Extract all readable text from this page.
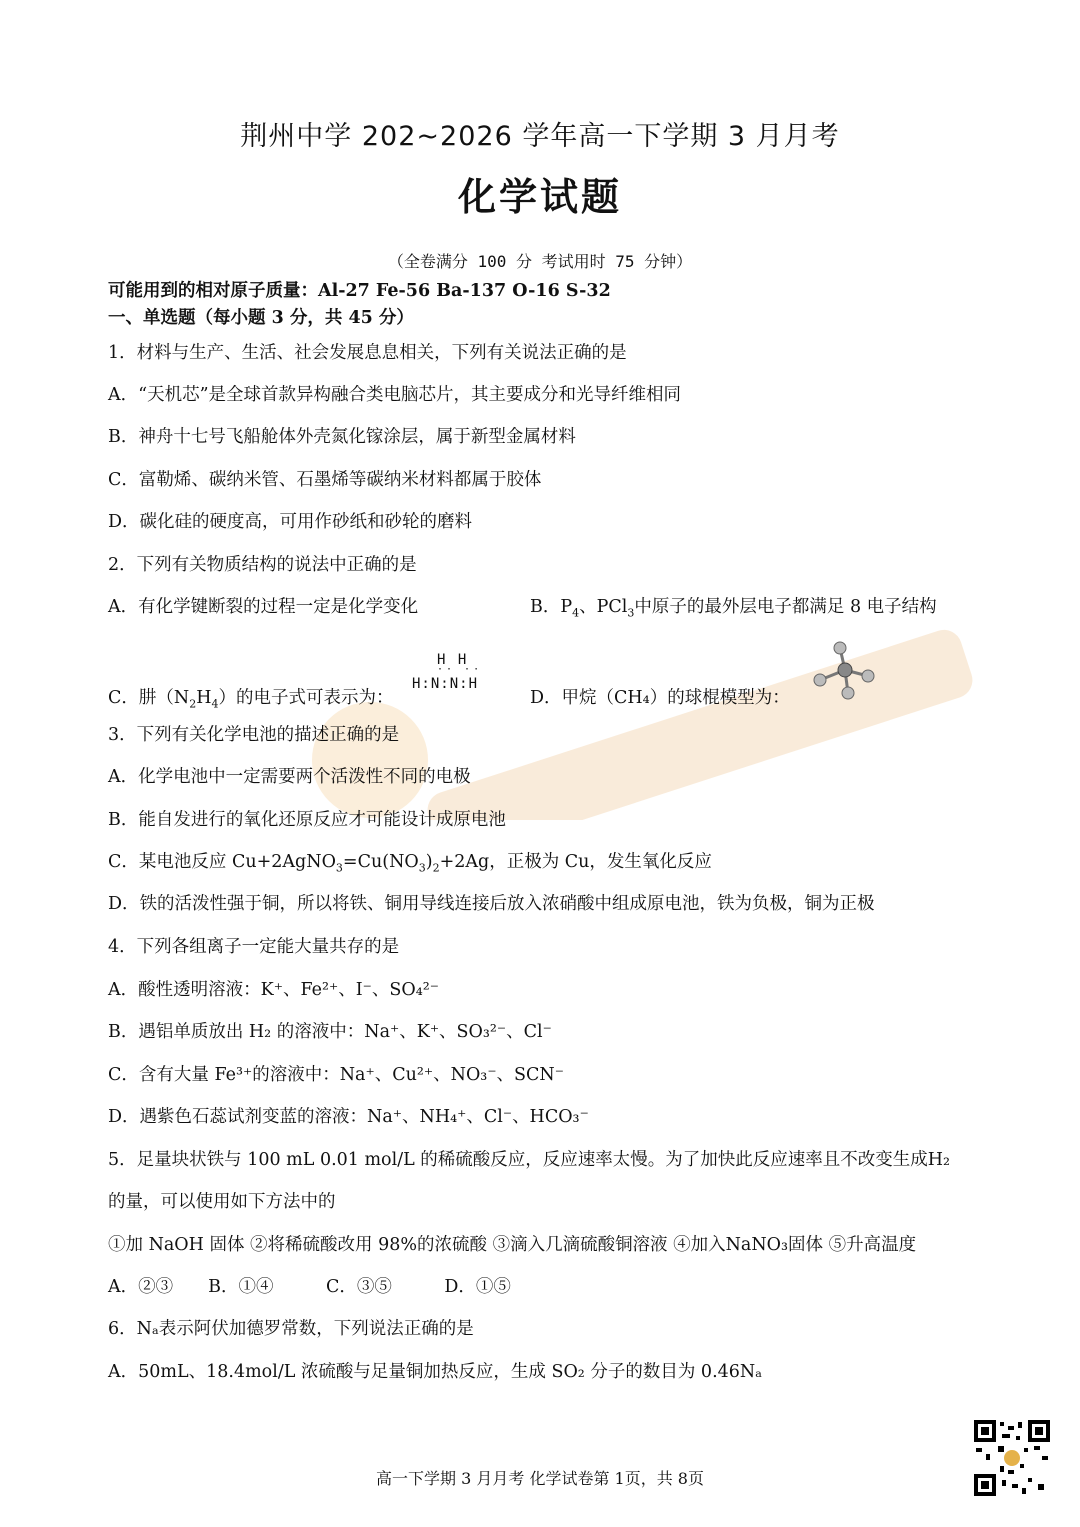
荆州中学 202~2026 学年高一下学期 3 月月考
化学试题
（全卷满分 100 分 考试用时 75 分钟）
可能用到的相对原子质量：Al-27 Fe-56 Ba-137 O-16 S-32
一、单选题（每小题 3 分，共 45 分）
1．材料与生产、生活、社会发展息息相关，下列有关说法正确的是
A．“天机芯”是全球首款异构融合类电脑芯片，其主要成分和光导纤维相同
B．神舟十七号飞船舱体外壳氮化镓涂层，属于新型金属材料
C．富勒烯、碳纳米管、石墨烯等碳纳米材料都属于胶体
D．碳化硅的硬度高，可用作砂纸和砂轮的磨料
2．下列有关物质结构的说法中正确的是
A．有化学键断裂的过程一定是化学变化	B．$P_4$、PCl$_3$中原子的最外层电子都满足 8 电子结构
C．肼$(N_2H_4)$的电子式可表示为：
H H
·· ··
H:N:N:H
D．甲烷（CH₄）的球棍模型为：
3．下列有关化学电池的描述正确的是
A．化学电池中一定需要两个活泼性不同的电极
B．能自发进行的氧化还原反应才可能设计成原电池
C．某电池反应 $Cu+2AgNO_3=Cu(NO_3)_2+2Ag$，正极为 Cu，发生氧化反应
D．铁的活泼性强于铜，所以将铁、铜用导线连接后放入浓硝酸中组成原电池，铁为负极，铜为正极
4．下列各组离子一定能大量共存的是
A．酸性透明溶液：K⁺、Fe²⁺、I⁻、SO₄²⁻
B．遇铝单质放出 H₂ 的溶液中：Na⁺、K⁺、SO₃²⁻、Cl⁻
C．含有大量 Fe³⁺的溶液中：Na⁺、Cu²⁺、NO₃⁻、SCN⁻
D．遇紫色石蕊试剂变蓝的溶液：Na⁺、NH₄⁺、Cl⁻、HCO₃⁻
5．足量块状铁与 100 mL 0.01 mol/L 的稀硫酸反应，反应速率太慢。为了加快此反应速率且不改变生成H₂
的量，可以使用如下方法中的
①加 NaOH 固体 ②将稀硫酸改用 98%的浓硫酸 ③滴入几滴硫酸铜溶液 ④加入NaNO₃固体 ⑤升高温度
A．②③　　B．①④　　　C．③⑤　　　D．①⑤
6．Nₐ表示阿伏加德罗常数，下列说法正确的是
A．50mL、18.4mol/L 浓硫酸与足量铜加热反应，生成 SO₂ 分子的数目为 0.46Nₐ
高一下学期 3 月月考 化学试卷第 1页，共 8页
